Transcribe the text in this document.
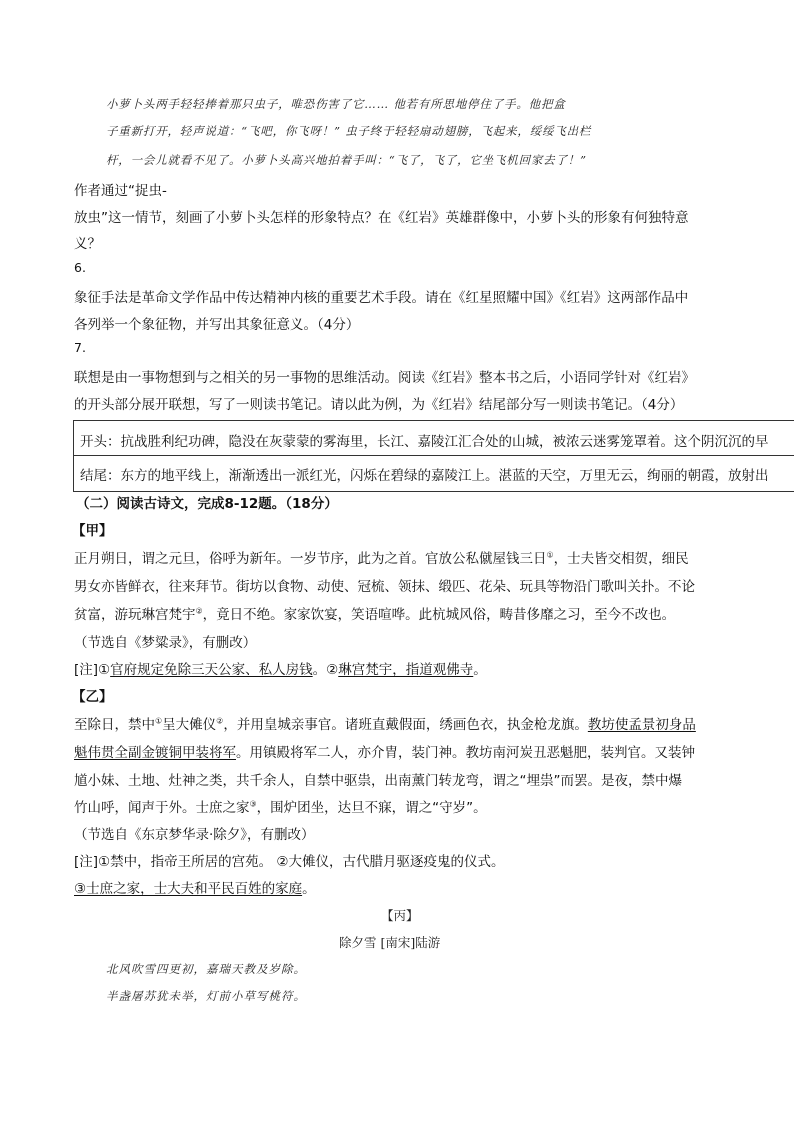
小萝卜头两手轻轻捧着那只虫子，唯恐伤害了它…… 他若有所思地停住了手。他把盒
子重新打开，轻声说道：“飞吧，你飞呀！” 虫子终于轻轻扇动翅膀，飞起来，绥绥飞出栏
杆，一会儿就看不见了。小萝卜头高兴地拍着手叫：“飞了，飞了，它坐飞机回家去了！”
作者通过“捉虫-
放虫”这一情节，刻画了小萝卜头怎样的形象特点？在《红岩》英雄群像中，小萝卜头的形象有何独特意
义？
6.
象征手法是革命文学作品中传达精神内核的重要艺术手段。请在《红星照耀中国》《红岩》这两部作品中
各列举一个象征物，并写出其象征意义。（4分）
7.
联想是由一事物想到与之相关的另一事物的思维活动。阅读《红岩》整本书之后，小语同学针对《红岩》
的开头部分展开联想，写了一则读书笔记。请以此为例，为《红岩》结尾部分写一则读书笔记。（4分）
开头：抗战胜利纪功碑，隐没在灰蒙蒙的雾海里，长江、嘉陵江汇合处的山城，被浓云迷雾笼罩着。这个阴沉沉的早
结尾：东方的地平线上，渐渐透出一派红光，闪烁在碧绿的嘉陵江上。湛蓝的天空，万里无云，绚丽的朝霞，放射出
（二）阅读古诗文，完成8-12题。（18分）
【甲】
正月朔日，谓之元旦，俗呼为新年。一岁节序，此为之首。官放公私僦屋钱三日①，士夫皆交相贺，细民
男女亦皆鲜衣，往来拜节。街坊以食物、动使、冠梳、领抹、缎匹、花朵、玩具等物沿门歌叫关扑。不论
贫富，游玩琳宫梵宇②，竟日不绝。家家饮宴，笑语喧哗。此杭城风俗，畴昔侈靡之习，至今不改也。
（节选自《梦粱录》，有删改）
[注]①官府规定免除三天公家、私人房钱。②琳宫梵宇，指道观佛寺。
【乙】
至除日，禁中①呈大傩仪②，并用皇城亲事官。诸班直戴假面，绣画色衣，执金枪龙旗。教坊使孟景初身品
魁伟贯全副金镀铜甲装将军。用镇殿将军二人，亦介胄，装门神。教坊南河炭丑恶魁肥，装判官。又装钟
馗小妹、土地、灶神之类，共千余人，自禁中驱祟，出南薰门转龙弯，谓之“埋祟”而罢。是夜，禁中爆
竹山呼，闻声于外。士庶之家③，围炉团坐，达旦不寐，谓之“守岁”。
（节选自《东京梦华录·除夕》，有删改）
[注]①禁中，指帝王所居的宫苑。 ②大傩仪，古代腊月驱逐疫鬼的仪式。
③士庶之家，士大夫和平民百姓的家庭。
【丙】
除夕雪 [南宋]陆游
北风吹雪四更初，嘉瑞天教及岁除。
半盏屠苏犹未举，灯前小草写桃符。
